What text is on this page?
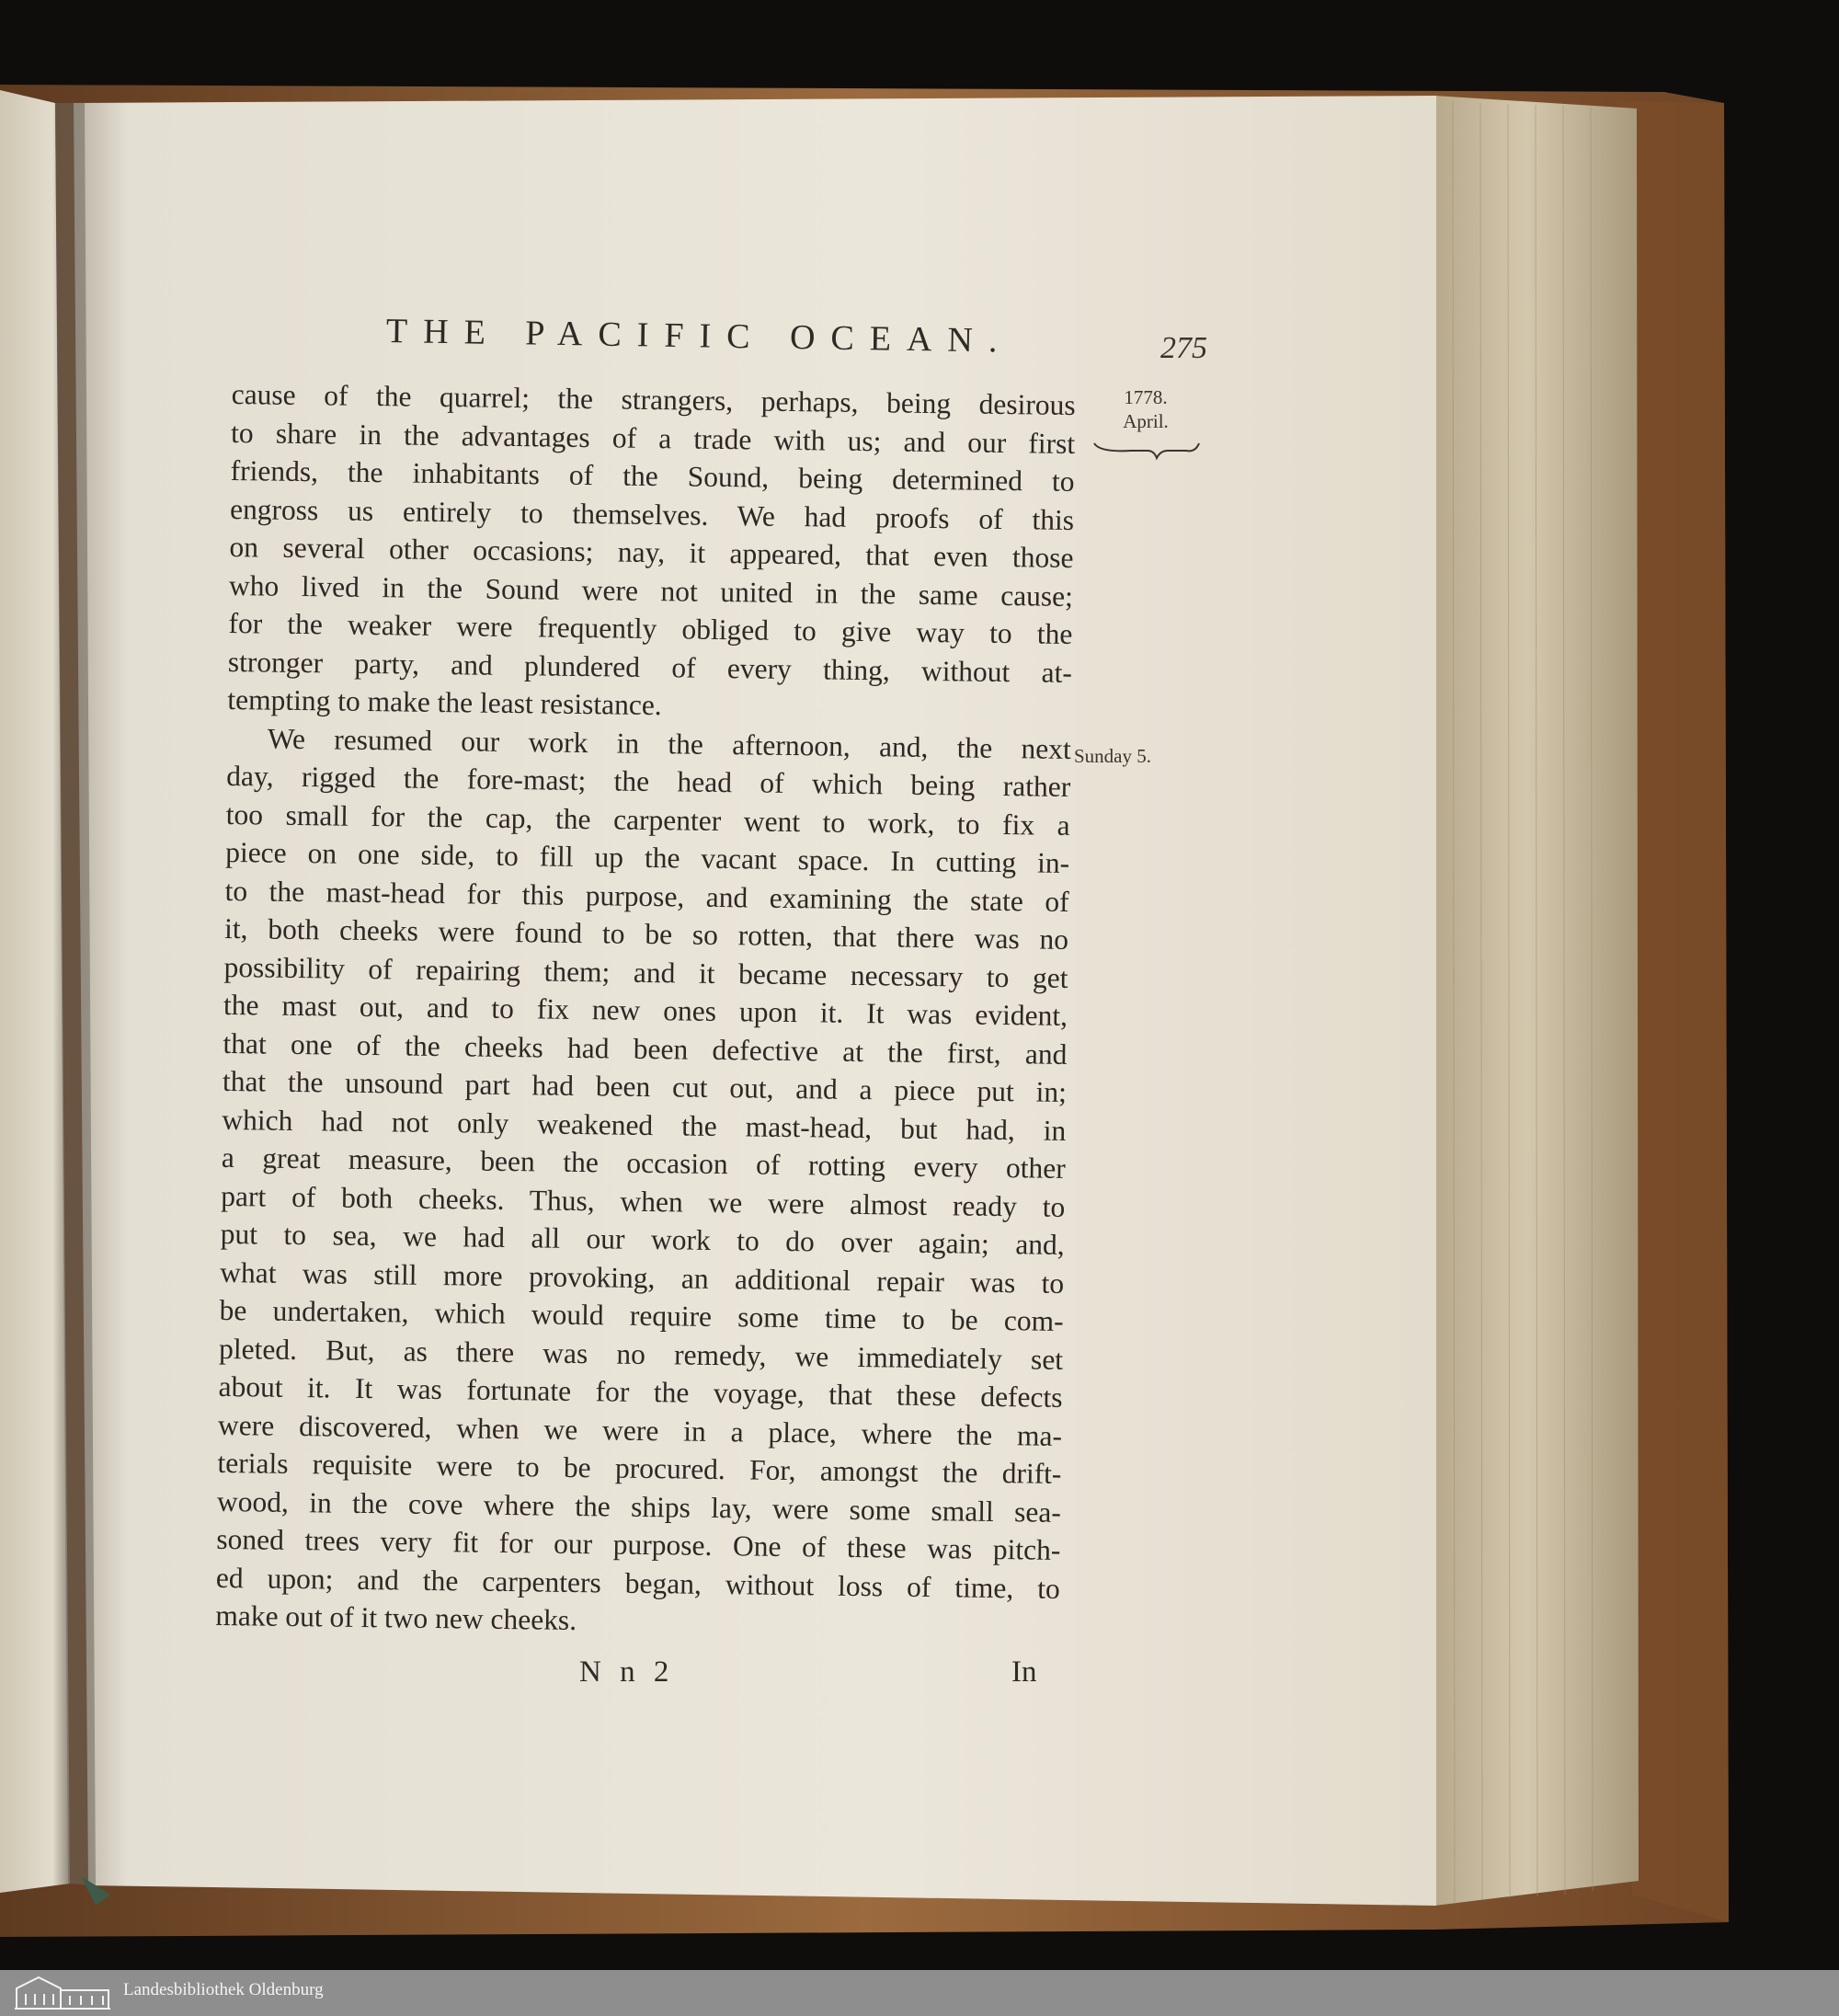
THE PACIFIC OCEAN.	275
1778.
April.
Sunday 5.
cause of the quarrel; the strangers, perhaps, being desirous
to share in the advantages of a trade with us; and our first
friends, the inhabitants of the Sound, being determined to
engross us entirely to themselves. We had proofs of this
on several other occasions; nay, it appeared, that even those
who lived in the Sound were not united in the same cause;
for the weaker were frequently obliged to give way to the
stronger party, and plundered of every thing, without at-
tempting to make the least resistance.
We resumed our work in the afternoon, and, the next
day, rigged the fore-mast; the head of which being rather
too small for the cap, the carpenter went to work, to fix a
piece on one side, to fill up the vacant space. In cutting in-
to the mast-head for this purpose, and examining the state of
it, both cheeks were found to be so rotten, that there was no
possibility of repairing them; and it became necessary to get
the mast out, and to fix new ones upon it. It was evident,
that one of the cheeks had been defective at the first, and
that the unsound part had been cut out, and a piece put in;
which had not only weakened the mast-head, but had, in
a great measure, been the occasion of rotting every other
part of both cheeks. Thus, when we were almost ready to
put to sea, we had all our work to do over again; and,
what was still more provoking, an additional repair was to
be undertaken, which would require some time to be com-
pleted. But, as there was no remedy, we immediately set
about it. It was fortunate for the voyage, that these defects
were discovered, when we were in a place, where the ma-
terials requisite were to be procured. For, amongst the drift-
wood, in the cove where the ships lay, were some small sea-
soned trees very fit for our purpose. One of these was pitch-
ed upon; and the carpenters began, without loss of time, to
make out of it two new cheeks.
N n 2	In
Landesbibliothek Oldenburg
